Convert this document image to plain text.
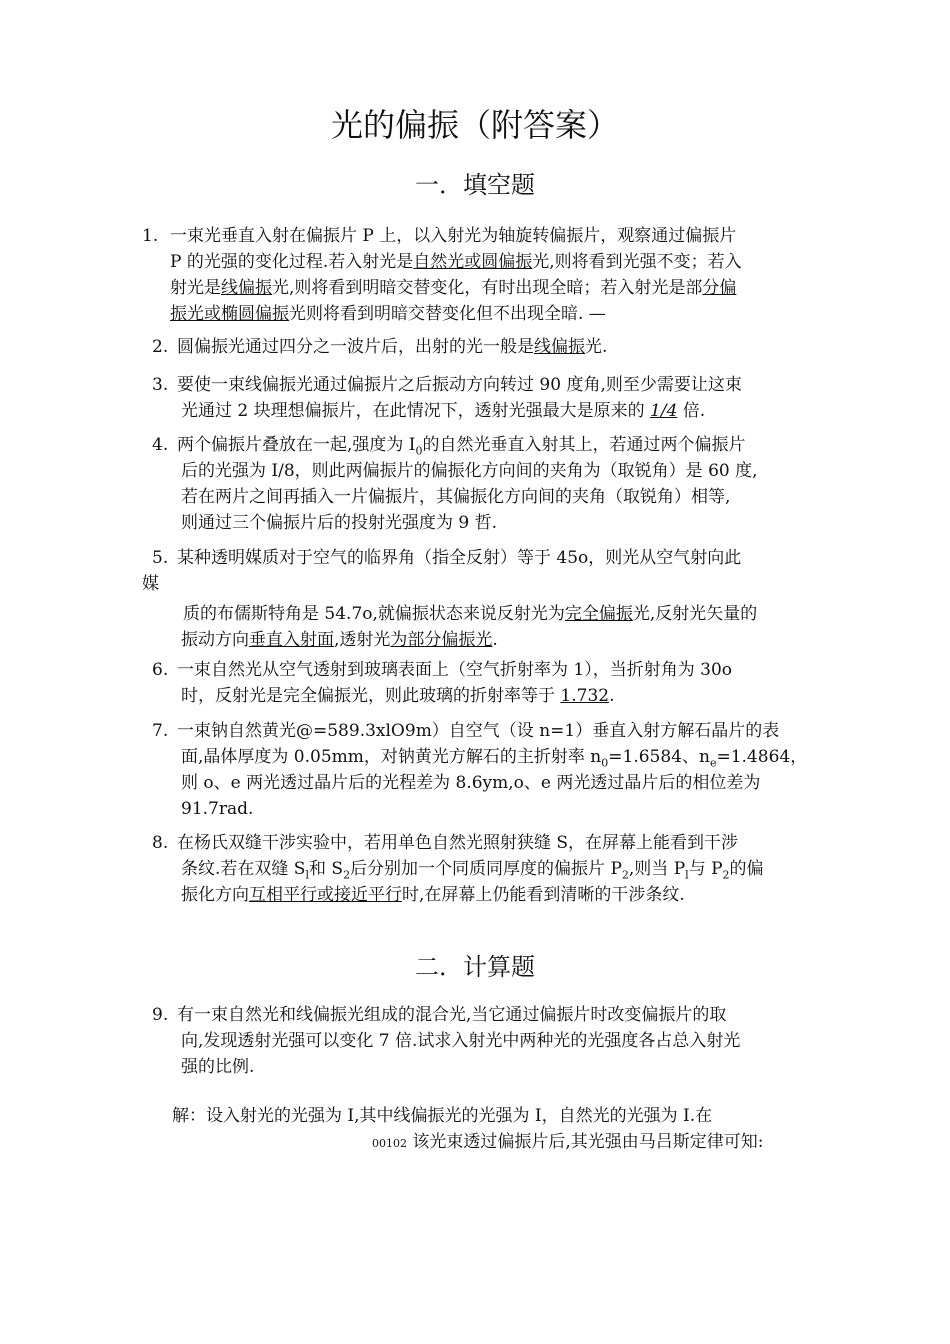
光的偏振（附答案）
一．填空题
1. 一束光垂直入射在偏振片 P 上，以入射光为轴旋转偏振片，观察通过偏振片
P 的光强的变化过程.若入射光是自然光或圆偏振光,则将看到光强不变；若入
射光是线偏振光,则将看到明暗交替变化，有时出现全暗；若入射光是部分偏
振光或椭圆偏振光则将看到明暗交替变化但不出现全暗. —
2. 圆偏振光通过四分之一波片后，出射的光一般是线偏振光.
3. 要使一束线偏振光通过偏振片之后振动方向转过 90 度角,则至少需要让这束
光通过 2 块理想偏振片，在此情况下，透射光强最大是原来的 1/4 倍.
4. 两个偏振片叠放在一起,强度为 $I_0$的自然光垂直入射其上，若通过两个偏振片
后的光强为 I/8，则此两偏振片的偏振化方向间的夹角为（取锐角）是 60 度,
若在两片之间再插入一片偏振片，其偏振化方向间的夹角（取锐角）相等,
则通过三个偏振片后的投射光强度为 9 哲.
5. 某种透明媒质对于空气的临界角（指全反射）等于 45o，则光从空气射向此
媒
质的布儒斯特角是 54.7o,就偏振状态来说反射光为完全偏振光,反射光矢量的
振动方向垂直入射面,透射光为部分偏振光.
6. 一束自然光从空气透射到玻璃表面上（空气折射率为 1），当折射角为 30o
时，反射光是完全偏振光，则此玻璃的折射率等于 1.732.
7. 一束钠自然黄光@=589.3xlO9m）自空气（设 n=1）垂直入射方解石晶片的表
面,晶体厚度为 0.05mm，对钠黄光方解石的主折射率 $n_0=1.6584$、$n_e=1.4864$，
则 o、e 两光透过晶片后的光程差为 8.6ym,o、e 两光透过晶片后的相位差为
91.7rad.
8. 在杨氏双缝干涉实验中，若用单色自然光照射狭缝 S，在屏幕上能看到干涉
条纹.若在双缝 $S_l$和 $S_2$后分别加一个同质同厚度的偏振片 $P_2$,则当 $P_l$与 $P_2$的偏
振化方向互相平行或接近平行时,在屏幕上仍能看到清晰的干涉条纹.
二．计算题
9. 有一束自然光和线偏振光组成的混合光,当它通过偏振片时改变偏振片的取
向,发现透射光强可以变化 7 倍.试求入射光中两种光的光强度各占总入射光
强的比例.
解：设入射光的光强为 I,其中线偏振光的光强为 I，自然光的光强为 I.在
00102 该光束透过偏振片后,其光强由马吕斯定律可知:
